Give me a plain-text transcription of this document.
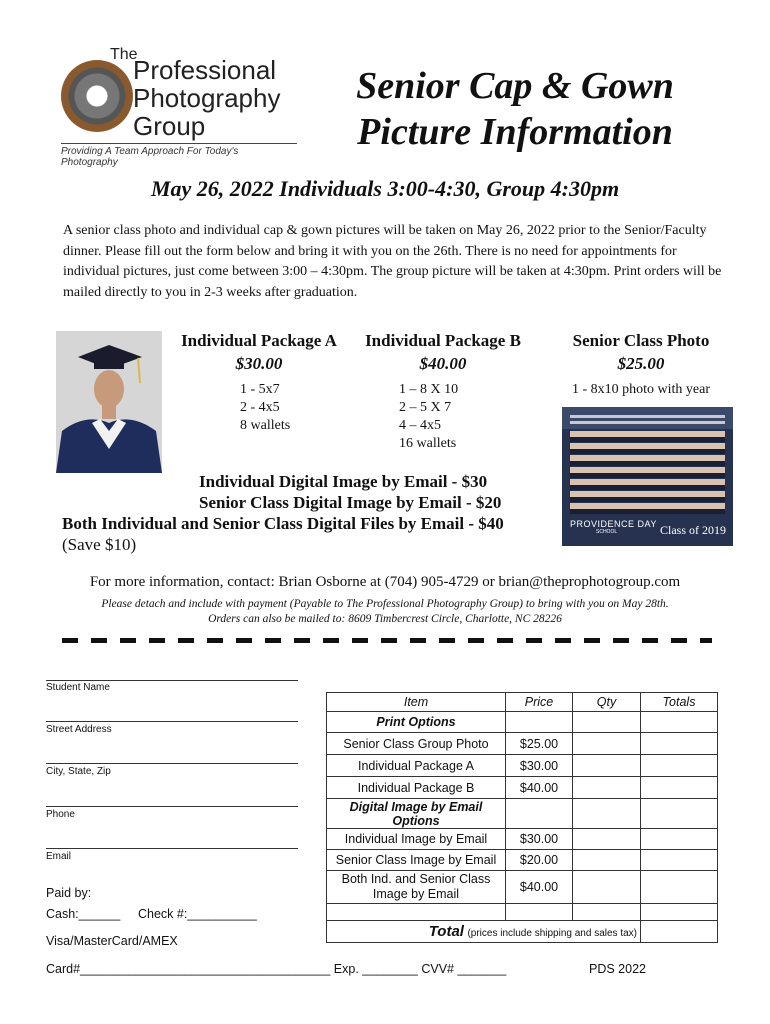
The
Professional
Photography
Group
Providing A Team Approach For Today's Photography
Senior Cap & Gown
Picture Information
May 26, 2022 Individuals 3:00-4:30, Group 4:30pm
A senior class photo and individual cap & gown pictures will be taken on May 26, 2022 prior to the Senior/Faculty dinner. Please fill out the form below and bring it with you on the 26th. There is no need for appointments for individual pictures, just come between 3:00 – 4:30pm. The group picture will be taken at 4:30pm. Print orders will be mailed directly to you in 2-3 weeks after graduation.
Individual Package A
$30.00
1 - 5x7
2 - 4x5
8 wallets
Individual Package B
$40.00
1 – 8 X 10
2 – 5 X 7
4 – 4x5
16 wallets
Senior Class Photo
$25.00
1 - 8x10 photo with year
PROVIDENCE DAY
SCHOOL	Class of 2019
Individual Digital Image by Email - $30
Senior Class Digital Image by Email - $20
Both Individual and Senior Class Digital Files by Email - $40
(Save $10)
For more information, contact: Brian Osborne at (704) 905-4729 or brian@theprophotogroup.com
Please detach and include with payment (Payable to The Professional Photography Group) to bring with you on May 28th.
Orders can also be mailed to: 8609 Timbercrest Circle, Charlotte, NC 28226
Student Name
Street Address
City, State, Zip
Phone
Email
Paid by:
Cash:______ Check #:__________
Visa/MasterCard/AMEX
Card#____________________________________ Exp. ________ CVV# _______	PDS 2022
Item	Price	Qty	Totals
Print Options			
Senior Class Group Photo	$25.00		
Individual Package A	$30.00		
Individual Package B	$40.00		
Digital Image by Email Options			
Individual Image by Email	$30.00		
Senior Class Image by Email	$20.00		
Both Ind. and Senior Class Image by Email	$40.00		

Total (prices include shipping and sales tax)			
